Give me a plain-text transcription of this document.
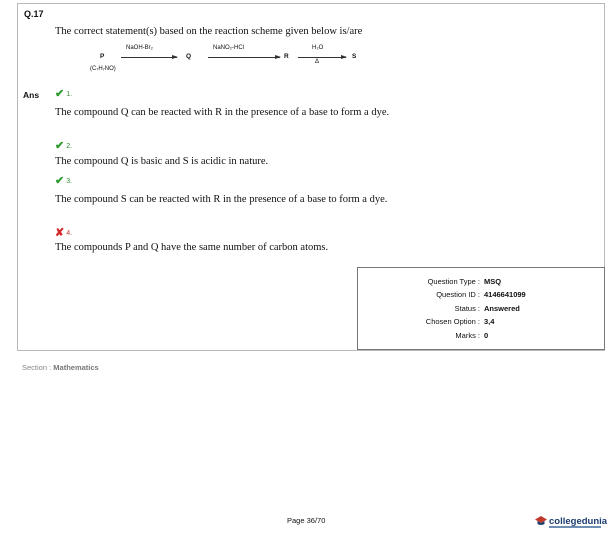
Q.17
The correct statement(s) based on the reaction scheme given below is/are
P
(C₇H₇NO)
NaOH-Br₂
Q
NaNO₂-HCl
R
H₂O
Δ
S
Ans ✔ 1.
The compound Q can be reacted with R in the presence of a base to form a dye.
✔ 2.
The compound Q is basic and S is acidic in nature.
✔ 3.
The compound S can be reacted with R in the presence of a base to form a dye.
✘ 4.
The compounds P and Q have the same number of carbon atoms.
Question Type : MSQ
Question ID : 4146641099
Status : Answered
Chosen Option : 3,4
Marks : 0
Section : Mathematics
Page 36/70	collegedunia
